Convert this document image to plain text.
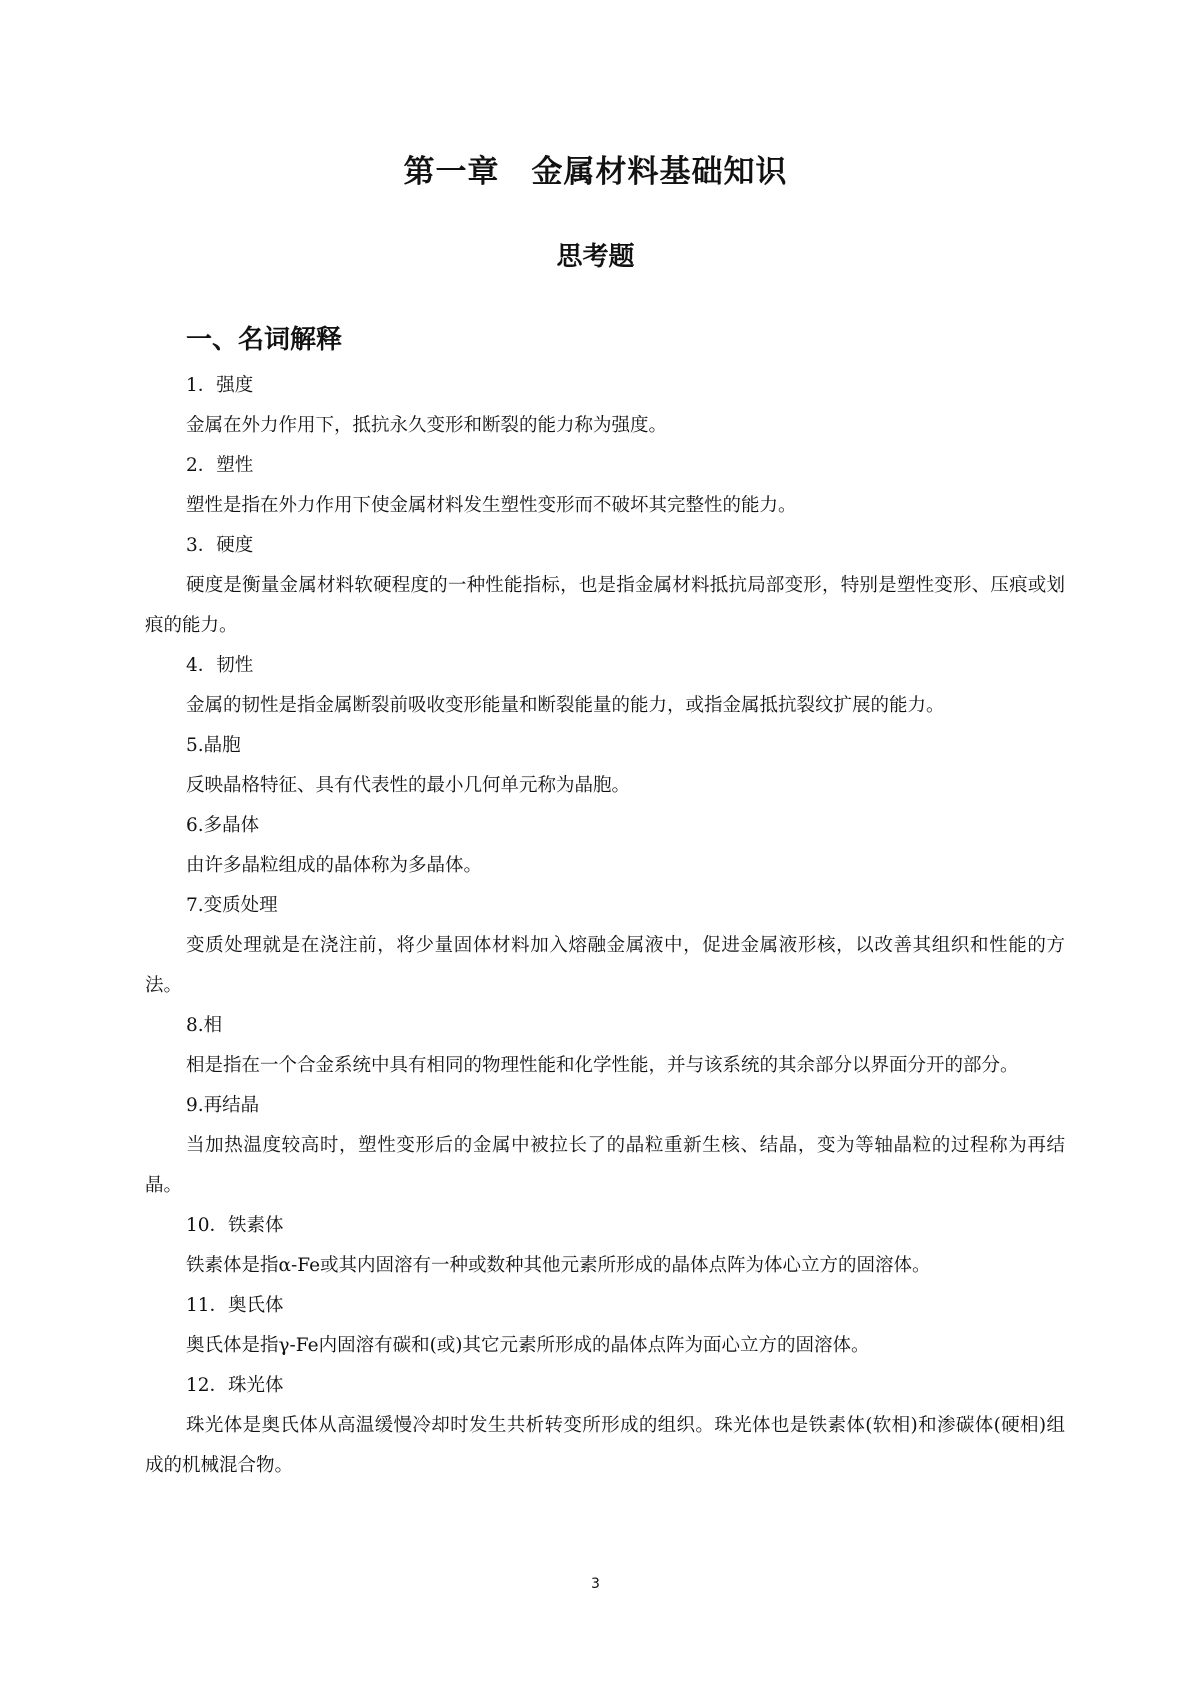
第一章　金属材料基础知识
思考题
一、名词解释
1．强度

金属在外力作用下，抵抗永久变形和断裂的能力称为强度。

2．塑性

塑性是指在外力作用下使金属材料发生塑性变形而不破坏其完整性的能力。

3．硬度

硬度是衡量金属材料软硬程度的一种性能指标，也是指金属材料抵抗局部变形，特别是塑性变形、压痕或划痕的能力。

4．韧性

金属的韧性是指金属断裂前吸收变形能量和断裂能量的能力，或指金属抵抗裂纹扩展的能力。

5.晶胞

反映晶格特征、具有代表性的最小几何单元称为晶胞。

6.多晶体

由许多晶粒组成的晶体称为多晶体。

7.变质处理

变质处理就是在浇注前，将少量固体材料加入熔融金属液中，促进金属液形核，以改善其组织和性能的方法。

8.相

相是指在一个合金系统中具有相同的物理性能和化学性能，并与该系统的其余部分以界面分开的部分。

9.再结晶

当加热温度较高时，塑性变形后的金属中被拉长了的晶粒重新生核、结晶，变为等轴晶粒的过程称为再结晶。

10．铁素体

铁素体是指α-Fe或其内固溶有一种或数种其他元素所形成的晶体点阵为体心立方的固溶体。

11．奥氏体

奥氏体是指γ-Fe内固溶有碳和(或)其它元素所形成的晶体点阵为面心立方的固溶体。

12．珠光体

珠光体是奥氏体从高温缓慢冷却时发生共析转变所形成的组织。珠光体也是铁素体(软相)和渗碳体(硬相)组成的机械混合物。

3
